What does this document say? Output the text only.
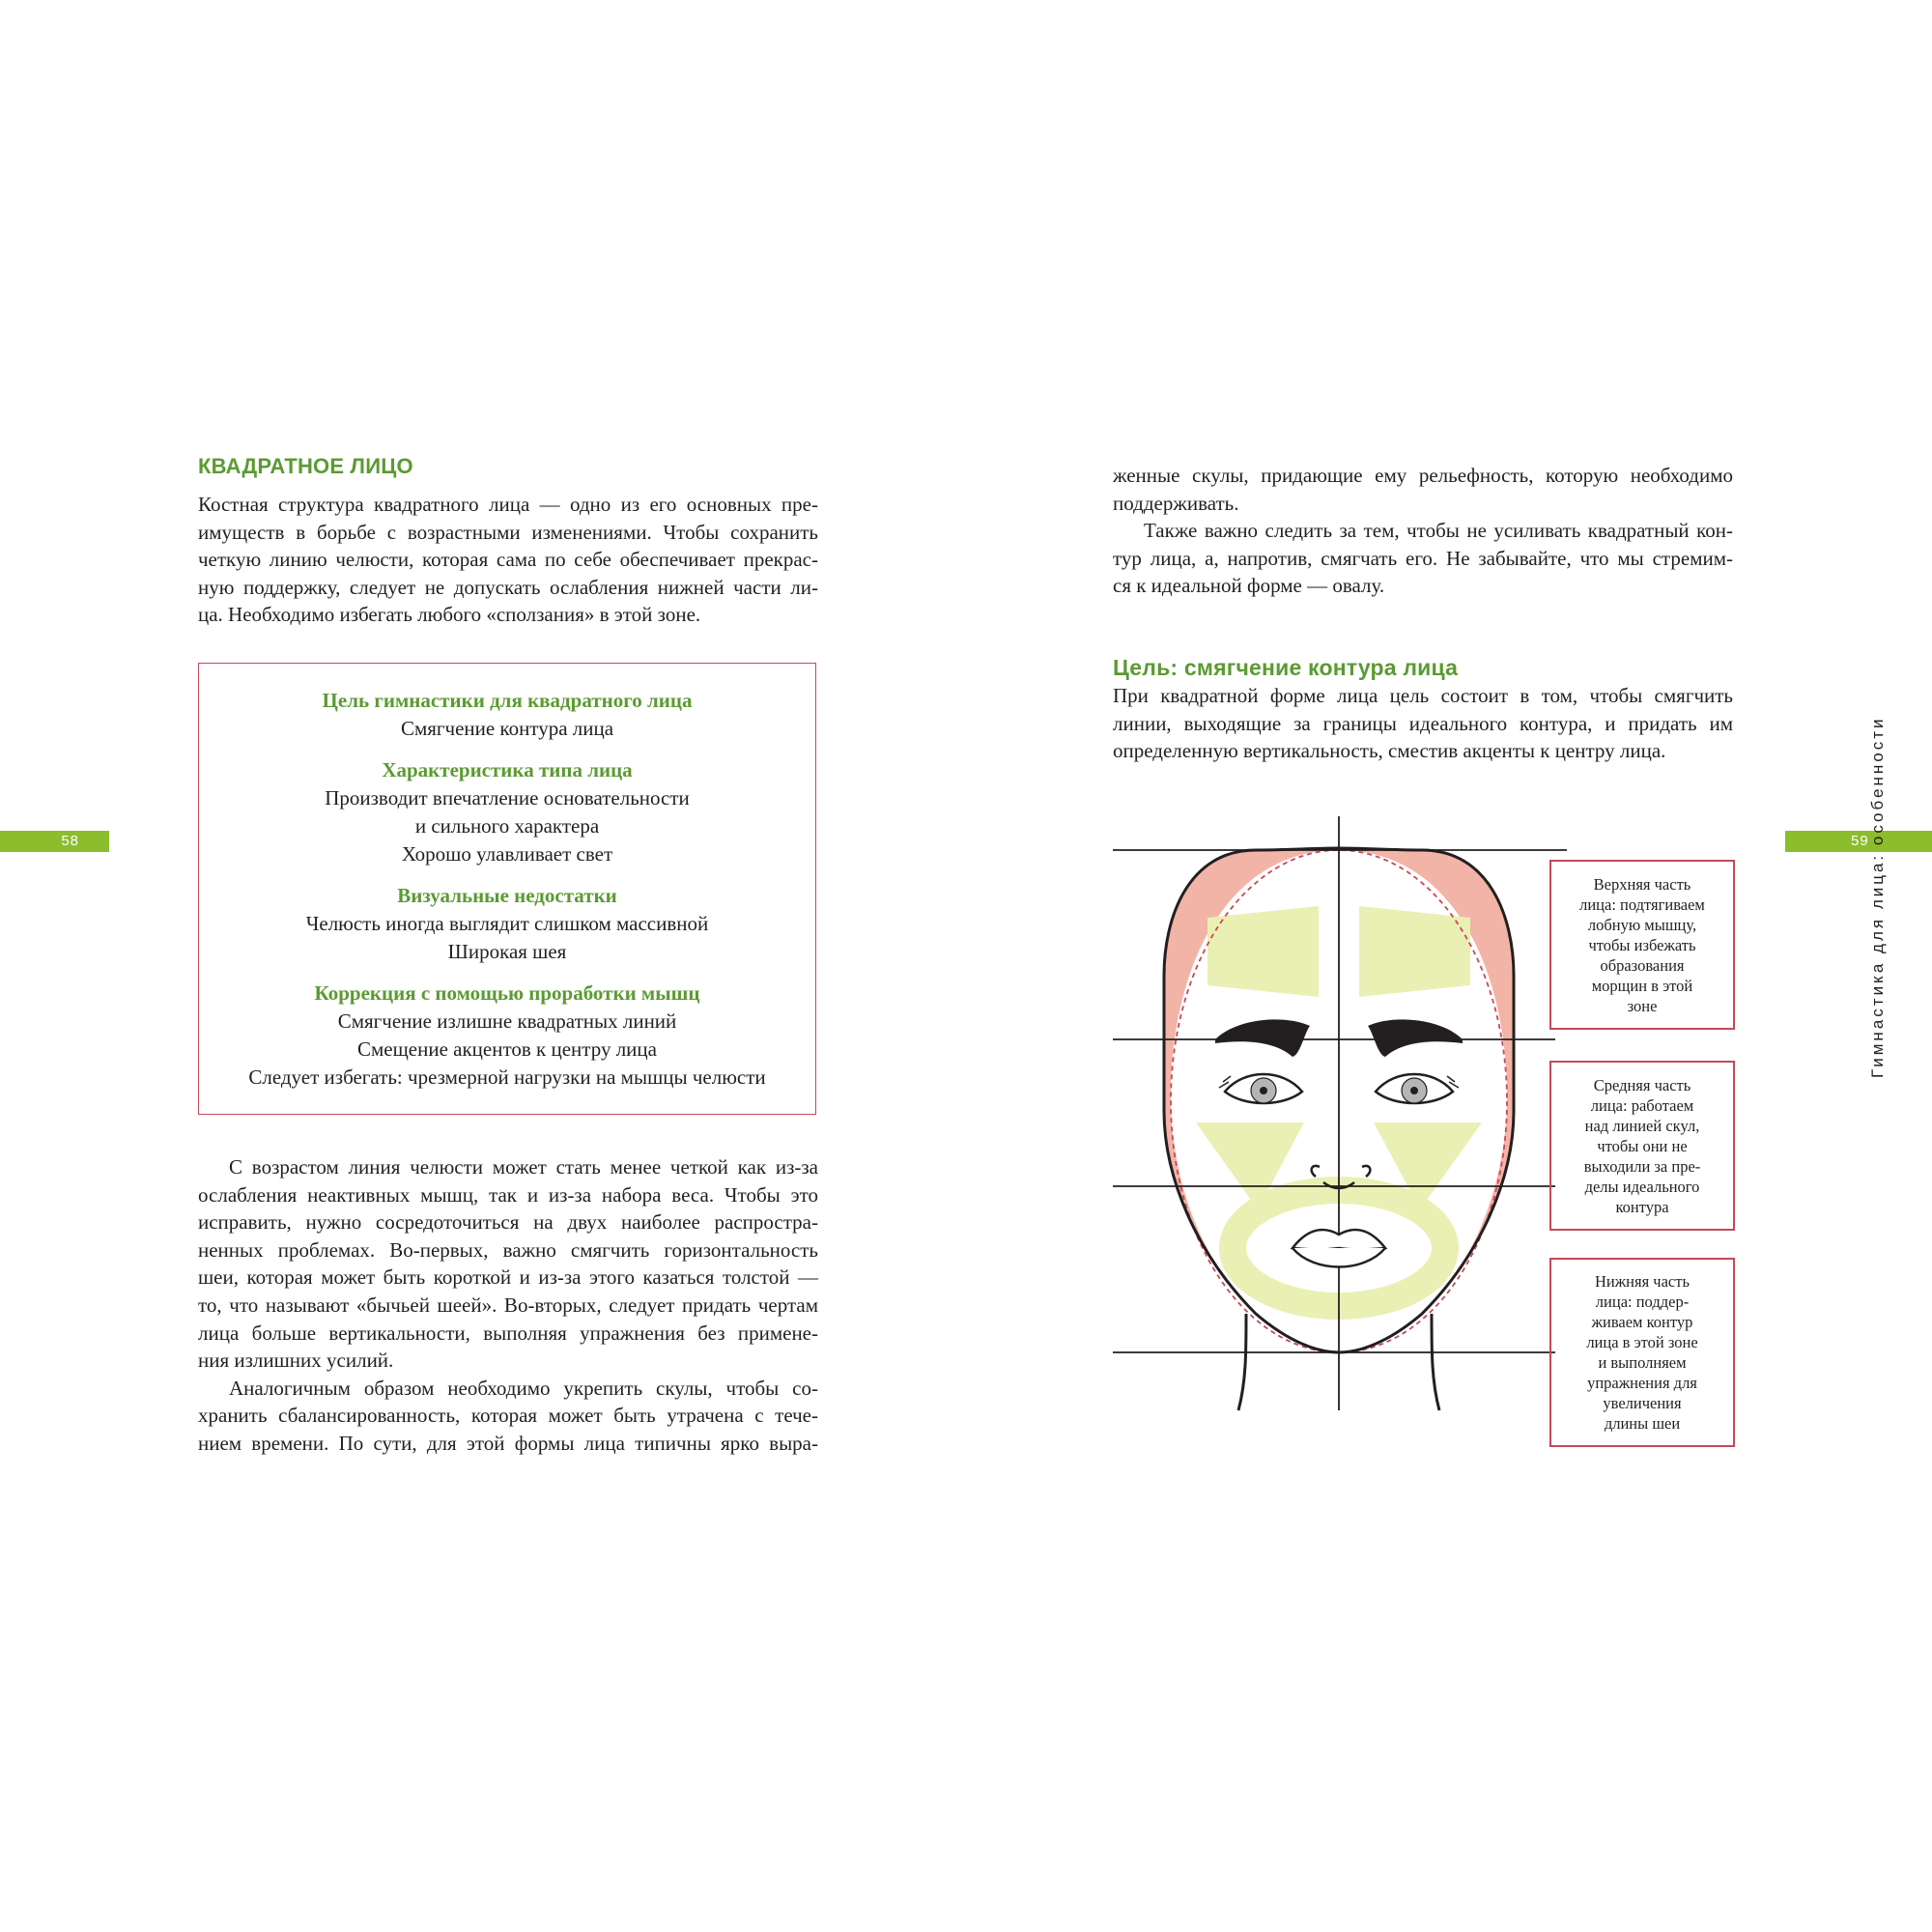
КВАДРАТНОЕ ЛИЦО

Костная структура квадратного лица — одно из его основных пре-

имуществ в борьбе с возрастными изменениями. Чтобы сохранить

четкую линию челюсти, которая сама по себе обеспечивает прекрас-

ную поддержку, следует не допускать ослабления нижней части ли-

ца. Необходимо избегать любого «сползания» в этой зоне.

Цель гимнастики для квадратного лица
Смягчение контура лица
Характеристика типа лица
Производит впечатление основательности
и сильного характера
Хорошо улавливает свет
Визуальные недостатки
Челюсть иногда выглядит слишком массивной
Широкая шея
Коррекция с помощью проработки мышц
Смягчение излишне квадратных линий
Смещение акцентов к центру лица
Следует избегать: чрезмерной нагрузки на мышцы челюсти

С возрастом линия челюсти может стать менее четкой как из-за

ослабления неактивных мышц, так и из-за набора веса. Чтобы это

исправить, нужно сосредоточиться на двух наиболее распростра-

ненных проблемах. Во-первых, важно смягчить горизонтальность

шеи, которая может быть короткой и из-за этого казаться толстой —

то, что называют «бычьей шеей». Во-вторых, следует придать чертам

лица больше вертикальности, выполняя упражнения без примене-

ния излишних усилий.

Аналогичным образом необходимо укрепить скулы, чтобы со-

хранить сбалансированность, которая может быть утрачена с тече-

нием времени. По сути, для этой формы лица типичны ярко выра-

58

женные скулы, придающие ему рельефность, которую необходимо

поддерживать.

Также важно следить за тем, чтобы не усиливать квадратный кон-

тур лица, а, напротив, смягчать его. Не забывайте, что мы стремим-

ся к идеальной форме — овалу.

Цель: смягчение контура лица

При квадратной форме лица цель состоит в том, чтобы смягчить

линии, выходящие за границы идеального контура, и придать им

определенную вертикальность, сместив акценты к центру лица.

59 Гимнастика для лица: особенности
Верхняя часть
лица: подтягиваем
лобную мышцу,
чтобы избежать
образования
морщин в этой
зоне
Средняя часть
лица: работаем
над линией скул,
чтобы они не
выходили за пре-
делы идеального
контура
Нижняя часть
лица: поддер-
живаем контур
лица в этой зоне
и выполняем
упражнения для
увеличения
длины шеи
